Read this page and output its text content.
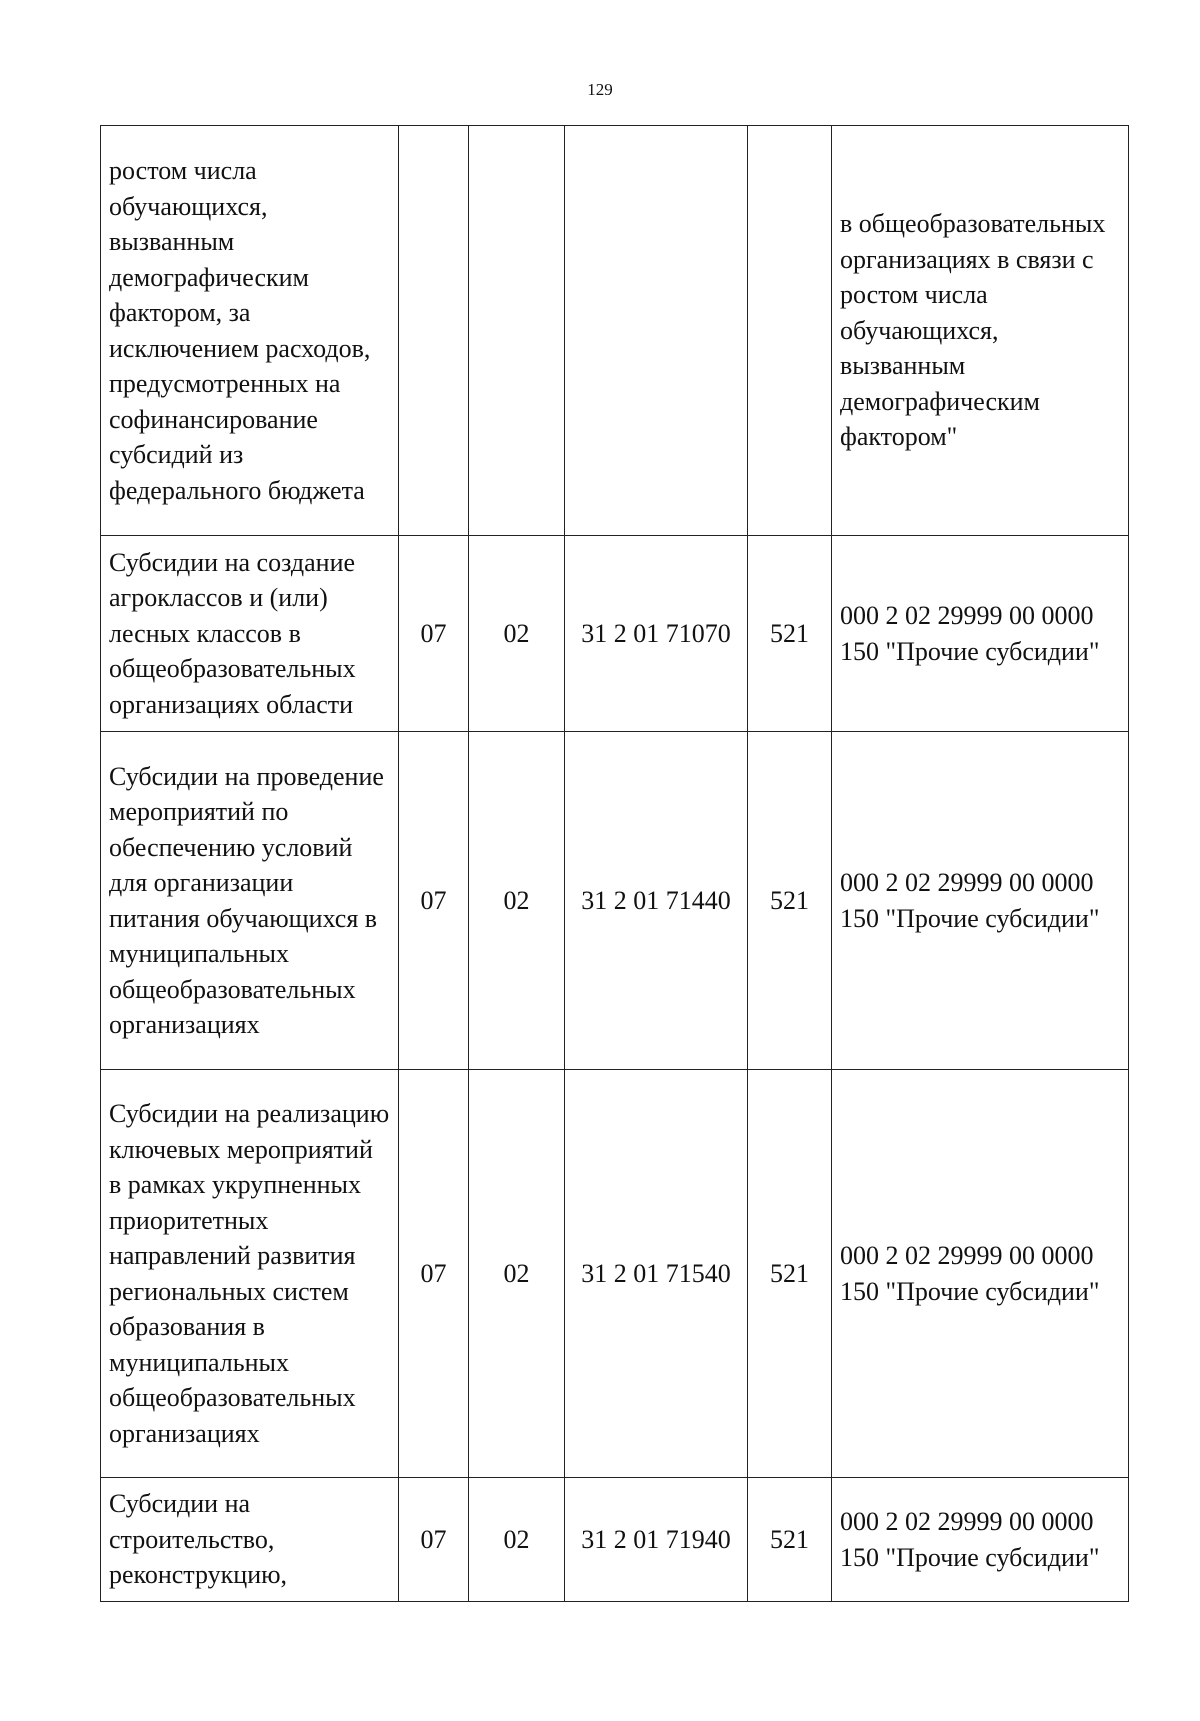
129
ростом числа обучающихся, вызванным демографическим фактором, за исключением расходов, предусмотренных на софинансирование субсидий из федерального бюджета					в общеобразовательных организациях в связи с ростом числа обучающихся, вызванным демографическим фактором"
Субсидии на создание агроклассов и (или) лесных классов в общеобразовательных организациях области	07	02	31 2 01 71070	521	000 2 02 29999 00 0000 150 "Прочие субсидии"
Субсидии на проведение мероприятий по обеспечению условий для организации питания обучающихся в муниципальных общеобразовательных организациях	07	02	31 2 01 71440	521	000 2 02 29999 00 0000 150 "Прочие субсидии"
Субсидии на реализацию ключевых мероприятий в рамках укрупненных приоритетных направлений развития региональных систем образования в муниципальных общеобразовательных организациях	07	02	31 2 01 71540	521	000 2 02 29999 00 0000 150 "Прочие субсидии"
Субсидии на строительство, реконструкцию,	07	02	31 2 01 71940	521	000 2 02 29999 00 0000 150 "Прочие субсидии"
